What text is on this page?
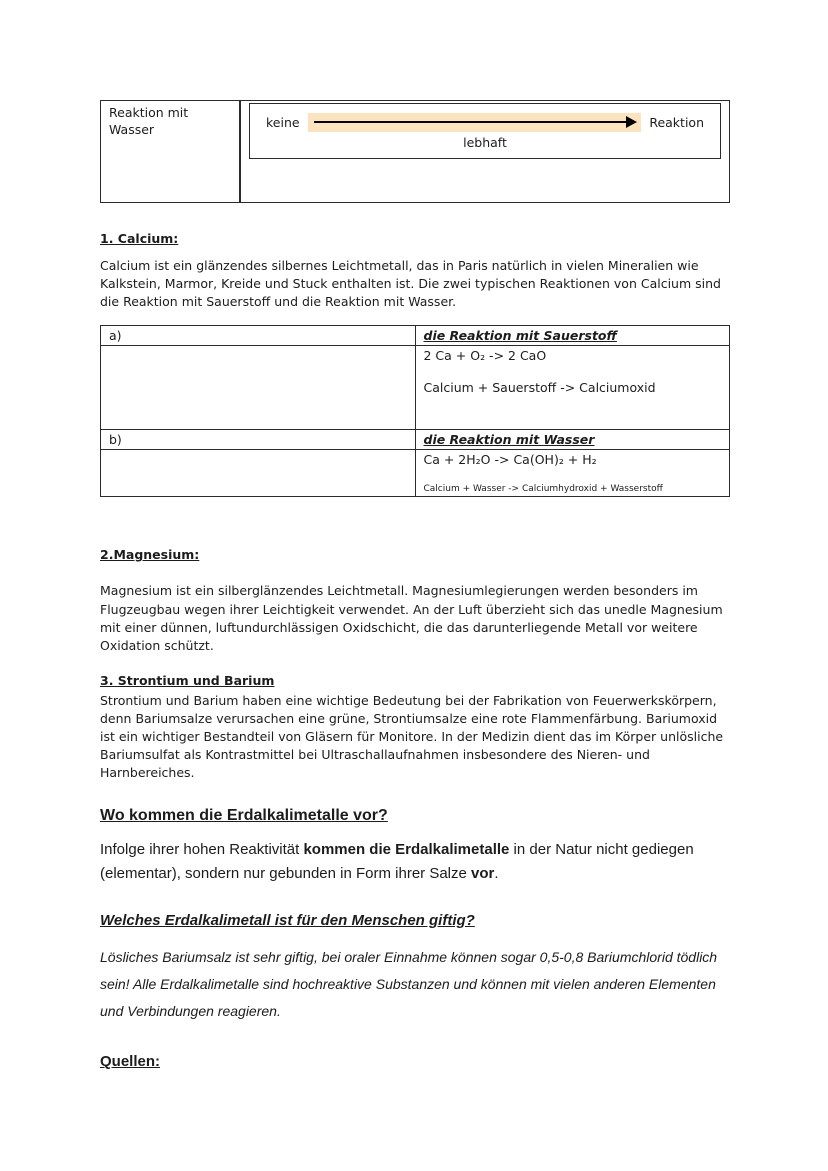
Reaktion mit Wasser	keine	Reaktion
lebhaft
1. Calcium:

Calcium ist ein glänzendes silbernes Leichtmetall, das in Paris natürlich in vielen Mineralien wie Kalkstein, Marmor, Kreide und Stuck enthalten ist. Die zwei typischen Reaktionen von Calcium sind die Reaktion mit Sauerstoff und die Reaktion mit Wasser.

a)	die Reaktion mit Sauerstoff

	2 Ca + O₂ -> 2 CaO
Calcium + Sauerstoff -> Calciumoxid

b)	die Reaktion mit Wasser

	Ca + 2H₂O -> Ca(OH)₂ + H₂
Calcium + Wasser -> Calciumhydroxid + Wasserstoff
2.Magnesium:

Magnesium ist ein silberglänzendes Leichtmetall. Magnesiumlegierungen werden besonders im Flugzeugbau wegen ihrer Leichtigkeit verwendet. An der Luft überzieht sich das unedle Magnesium mit einer dünnen, luftundurchlässigen Oxidschicht, die das darunterliegende Metall vor weitere Oxidation schützt.

3. Strontium und Barium

Strontium und Barium haben eine wichtige Bedeutung bei der Fabrikation von Feuerwerkskörpern, denn Bariumsalze verursachen eine grüne, Strontiumsalze eine rote Flammenfärbung. Bariumoxid ist ein wichtiger Bestandteil von Gläsern für Monitore. In der Medizin dient das im Körper unlösliche Bariumsulfat als Kontrastmittel bei Ultraschallaufnahmen insbesondere des Nieren- und Harnbereiches.

Wo kommen die Erdalkalimetalle vor?

Infolge ihrer hohen Reaktivität kommen die Erdalkalimetalle in der Natur nicht gediegen (elementar), sondern nur gebunden in Form ihrer Salze vor.

Welches Erdalkalimetall ist für den Menschen giftig?

Lösliches Bariumsalz ist sehr giftig, bei oraler Einnahme können sogar 0,5-0,8 Bariumchlorid tödlich sein! Alle Erdalkalimetalle sind hochreaktive Substanzen und können mit vielen anderen Elementen und Verbindungen reagieren.

Quellen:
